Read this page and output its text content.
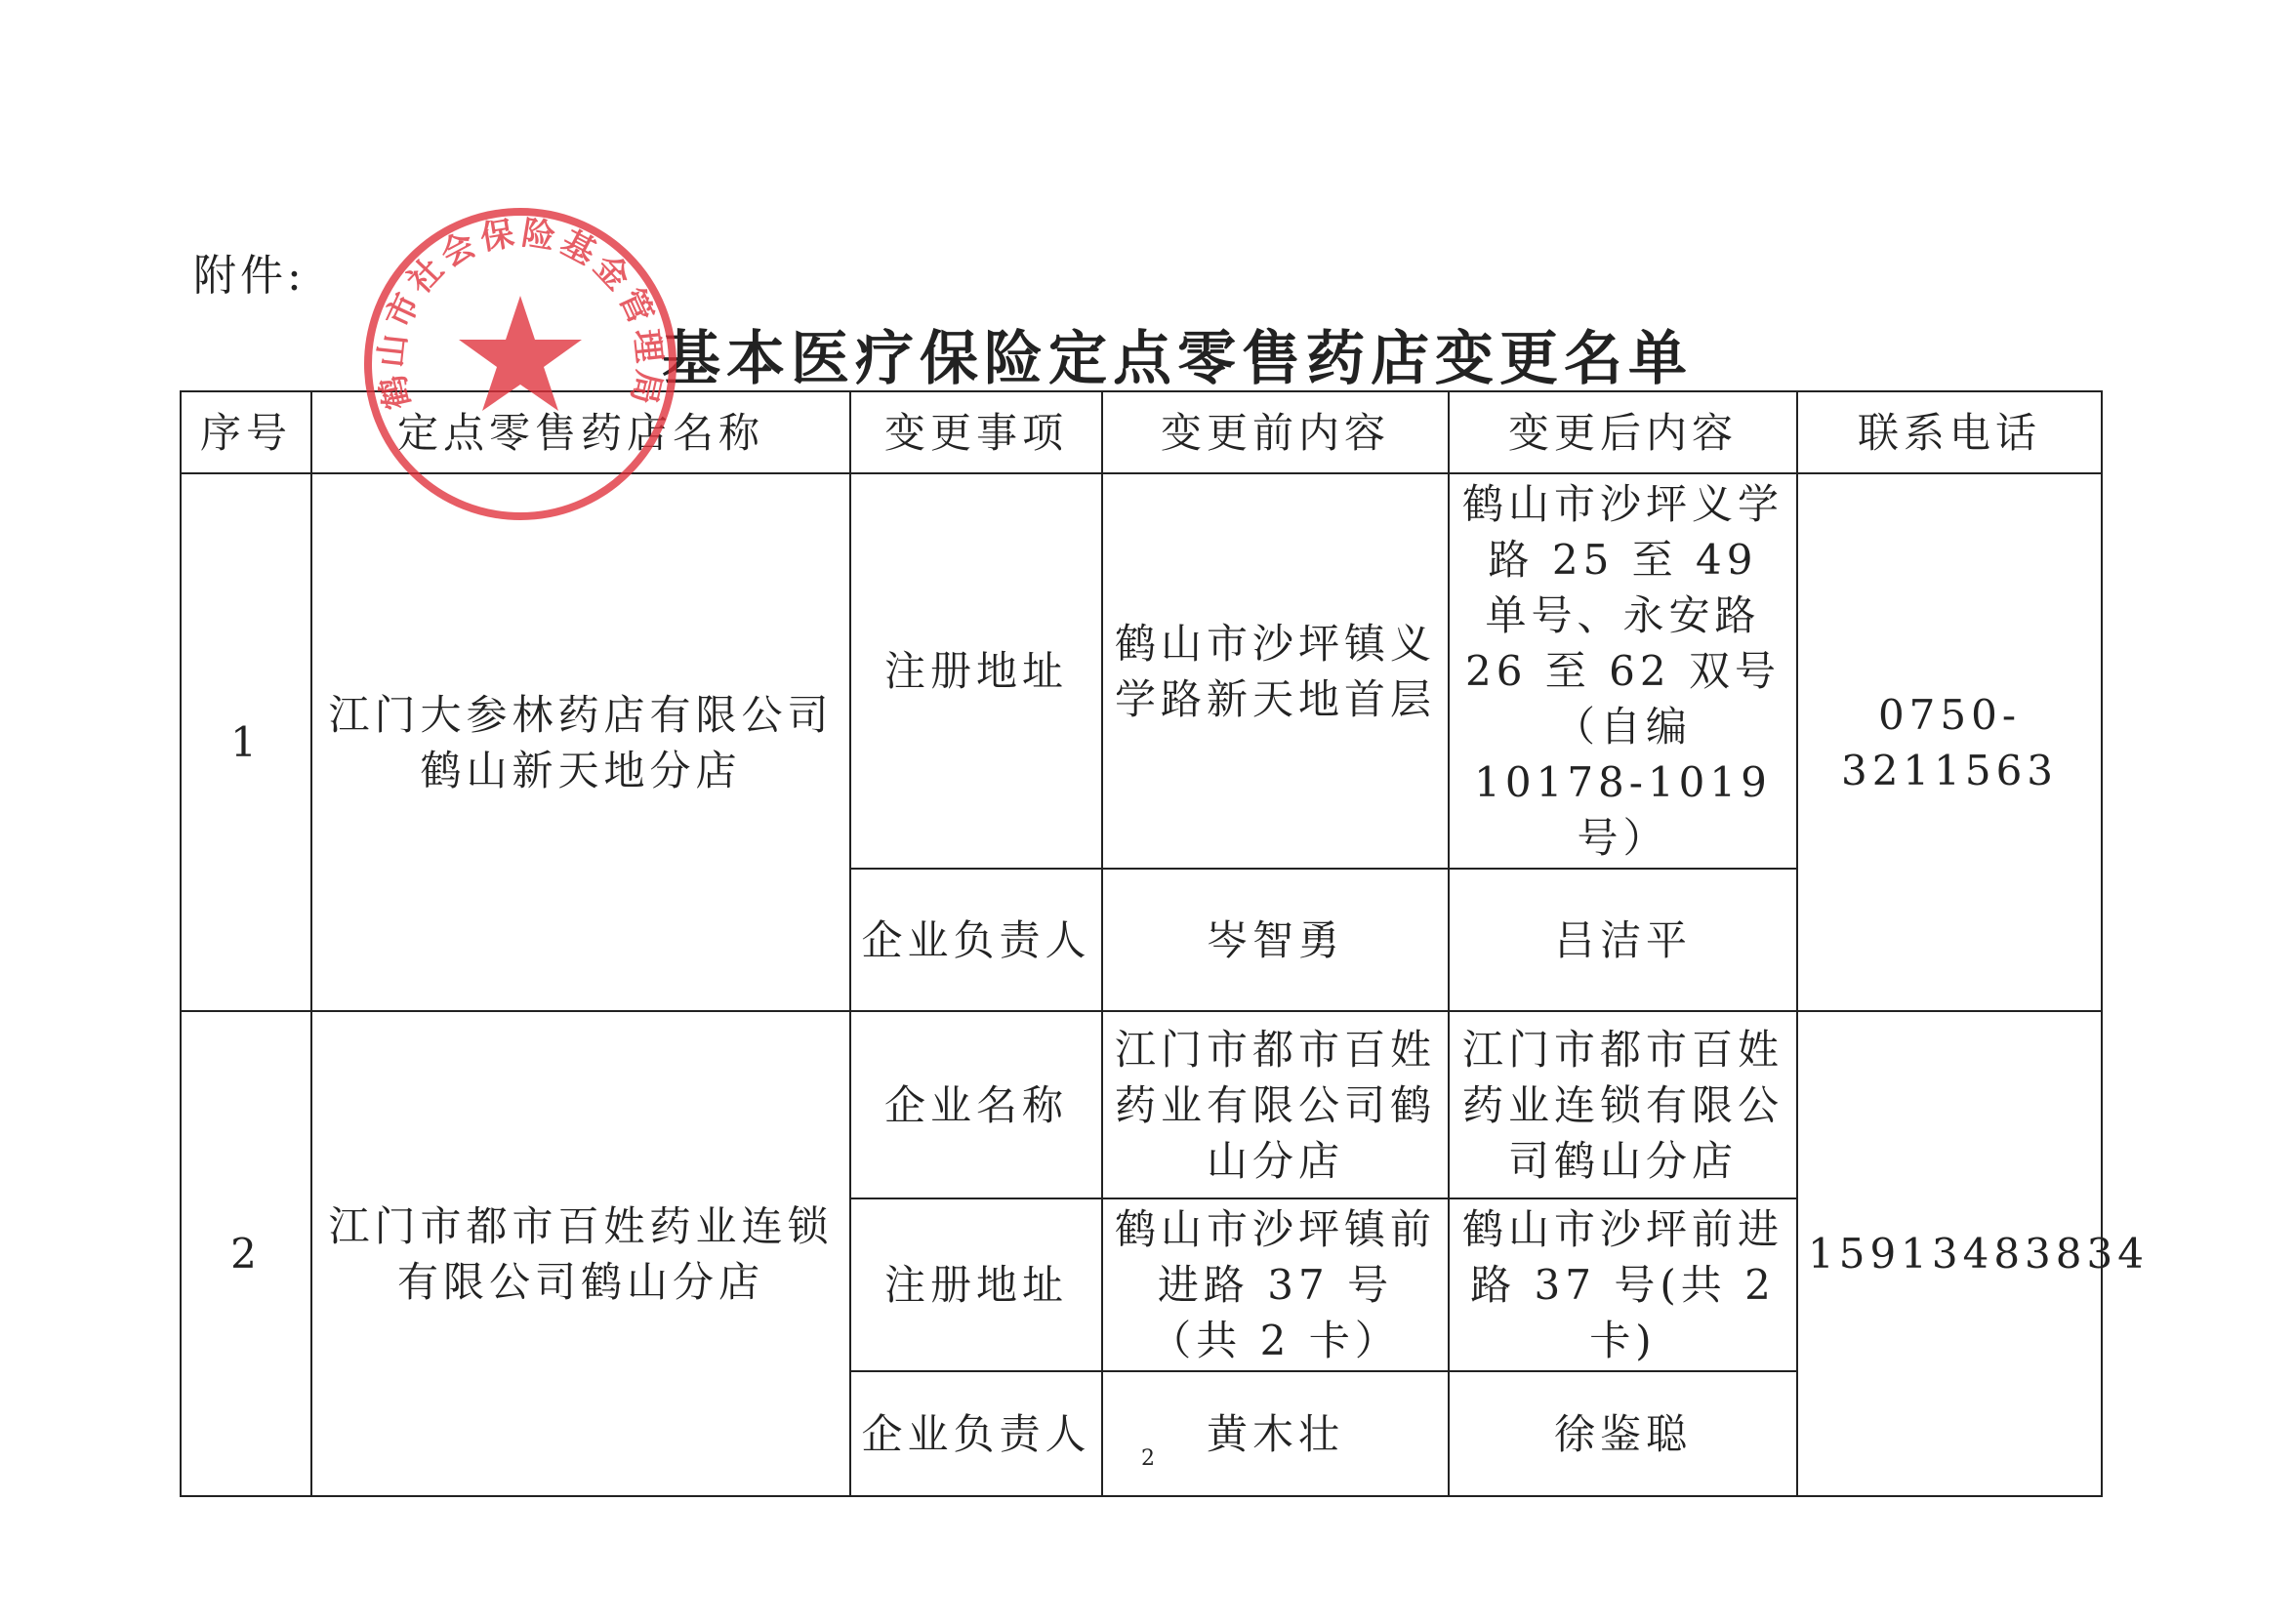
附件:
基本医疗保险定点零售药店变更名单
序号	定点零售药店名称	变更事项	变更前内容	变更后内容	联系电话
1	江门大参林药店有限公司鹤山新天地分店	注册地址	鹤山市沙坪镇义学路新天地首层	鹤山市沙坪义学路 25 至 49 单号、永安路 26 至 62 双号（自编 10178-1019 号）	0750-3211563
		企业负责人	岑智勇	吕洁平	
2	江门市都市百姓药业连锁有限公司鹤山分店	企业名称	江门市都市百姓药业有限公司鹤山分店	江门市都市百姓药业连锁有限公司鹤山分店	15913483834
		注册地址	鹤山市沙坪镇前进路 37 号（共 2 卡）	鹤山市沙坪前进路 37 号(共 2 卡)	
		企业负责人	黄木壮	徐鉴聪	
鹤山市社会保险基金管理局
2
